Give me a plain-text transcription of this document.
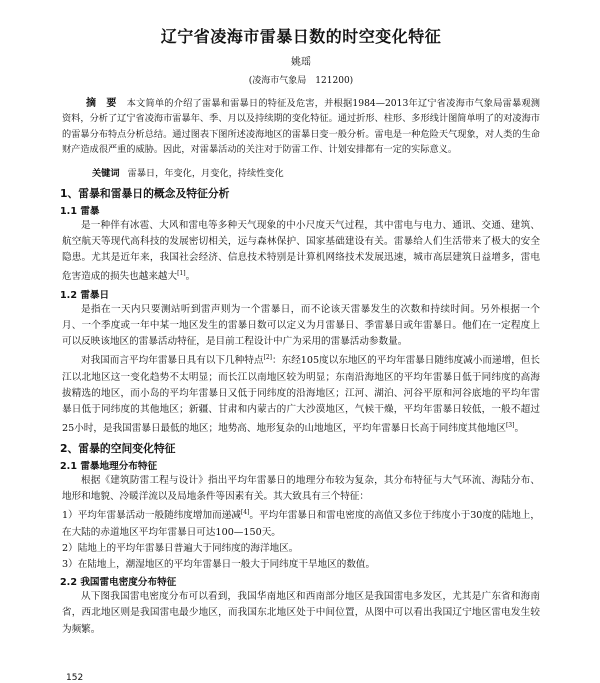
辽宁省凌海市雷暴日数的时空变化特征
姚瑶
(凌海市气象局　121200)

摘　要 本文简单的介绍了雷暴和雷暴日的特征及危害，并根据1984—2013年辽宁省凌海市气象局雷暴观测资料，分析了辽宁省凌海市雷暴年、季、月以及持续期的变化特征。通过折形、柱形、多形线计图简单明了的对凌海市的雷暴分布特点分析总结。通过图表下图所述凌海地区的雷暴日变一般分析。雷电是一种危险天气现象，对人类的生命财产造成很严重的威胁。因此，对雷暴活动的关注对于防雷工作、计划安排都有一定的实际意义。

关键词 雷暴日，年变化，月变化，持续性变化

1、雷暴和雷暴日的概念及特征分析
1.1 雷暴

是一种伴有冰雹、大风和雷电等多种天气现象的中小尺度天气过程，其中雷电与电力、通讯、交通、建筑、航空航天等现代高科技的发展密切相关，远与森林保护、国家基础建设有关。雷暴给人们生活带来了极大的安全隐患。尤其是近年来，我国社会经济、信息技术特别是计算机网络技术发展迅速，城市高层建筑日益增多，雷电危害造成的损失也越来越大[1]。

1.2 雷暴日

是指在一天内只要测站听到雷声则为一个雷暴日，而不论该天雷暴发生的次数和持续时间。另外根据一个月、一个季度或一年中某一地区发生的雷暴日数可以定义为月雷暴日、季雷暴日或年雷暴日。他们在一定程度上可以反映该地区的雷暴活动特征，是目前工程设计中广为采用的雷暴活动参数量。

对我国而言平均年雷暴日具有以下几种特点[2]：东经105度以东地区的平均年雷暴日随纬度减小而递增，但长江以北地区这一变化趋势不太明显；而长江以南地区较为明显；东南沿海地区的平均年雷暴日低于同纬度的高海拔精选的地区，而小岛的平均年雷暴日又低于同纬度的沿海地区；江河、湖泊、河谷平原和河谷底地的平均年雷暴日低于同纬度的其他地区；新疆、甘肃和内蒙古的广大沙漠地区，气候干燥，平均年雷暴日较低，一般不超过25小时，是我国雷暴日最低的地区；地势高、地形复杂的山地地区，平均年雷暴日长高于同纬度其他地区[3]。

2、雷暴的空间变化特征
2.1 雷暴地理分布特征

根据《建筑防雷工程与设计》指出平均年雷暴日的地理分布较为复杂，其分布特征与大气环流、海陆分布、地形和地貌、冷暖洋流以及局地条件等因素有关。其大致具有三个特征：

1）平均年雷暴活动一般随纬度增加而递减[4]。平均年雷暴日和雷电密度的高值又多位于纬度小于30度的陆地上，在大陆的赤道地区平均年雷暴日可达100—150天。

2）陆地上的平均年雷暴日普遍大于同纬度的海洋地区。

3）在陆地上，潮湿地区的平均年雷暴日一般大于同纬度干旱地区的数值。

2.2 我国雷电密度分布特征

从下图我国雷电密度分布可以看到，我国华南地区和西南部分地区是我国雷电多发区，尤其是广东省和海南省，西北地区则是我国雷电最少地区，而我国东北地区处于中间位置，从图中可以看出我国辽宁地区雷电发生较为频繁。

152
